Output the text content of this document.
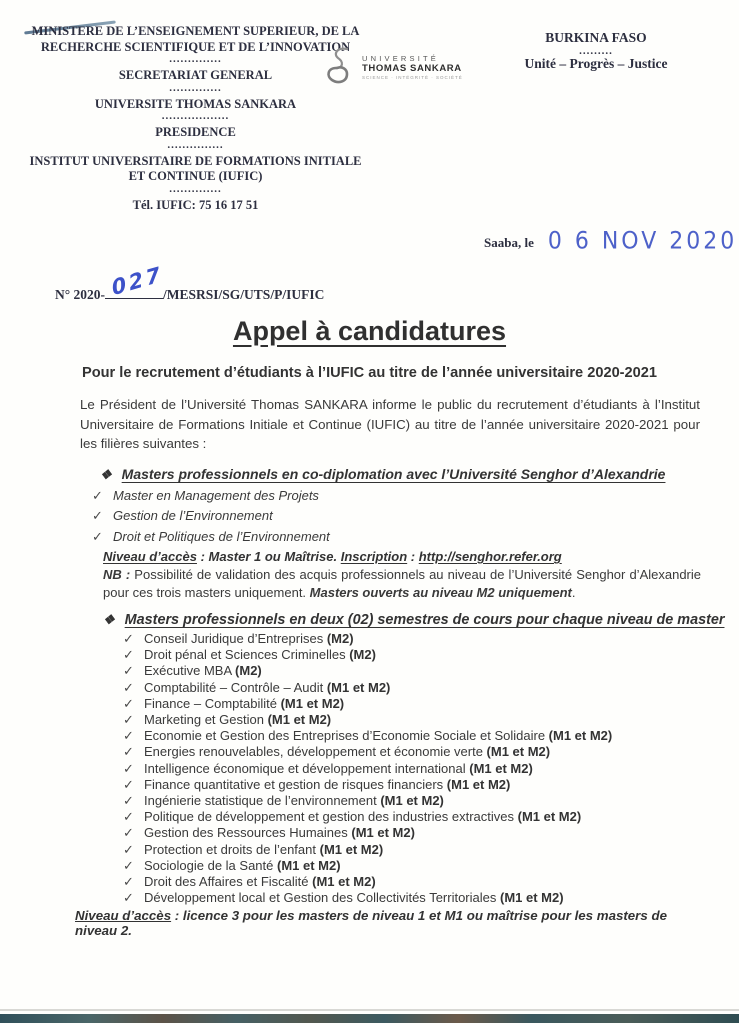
MINISTERE DE L’ENSEIGNEMENT SUPERIEUR, DE LA RECHERCHE SCIENTIFIQUE ET DE L’INNOVATION
..............
SECRETARIAT GENERAL
..............
UNIVERSITE THOMAS SANKARA
..................
PRESIDENCE
...............
INSTITUT UNIVERSITAIRE DE FORMATIONS INITIALE ET CONTINUE (IUFIC)
..............
Tél. IUFIC: 75 16 17 51
UNIVERSITÉ
THOMAS SANKARA
SCIENCE · INTÉGRITÉ · SOCIÉTÉ
BURKINA FASO
.........
Unité – Progrès – Justice
Saaba, le 0 6 NOV 2020
N° 2020- 027
/MESRSI/SG/UTS/P/IUFIC
Appel à candidatures
Pour le recrutement d’étudiants à l’IUFIC au titre de l’année universitaire 2020-2021

Le Président de l’Université Thomas SANKARA informe le public du recrutement d’étudiants à l’Institut Universitaire de Formations Initiale et Continue (IUFIC) au titre de l’année universitaire 2020-2021 pour les filières suivantes :

❖ Masters professionnels en co-diplomation avec l’Université Senghor d’Alexandrie
✓ Master en Management des Projets
✓ Gestion de l’Environnement
✓ Droit et Politiques de l’Environnement
Niveau d’accès : Master 1 ou Maîtrise. Inscription : http://senghor.refer.org
NB : Possibilité de validation des acquis professionnels au niveau de l’Université Senghor d’Alexandrie pour ces trois masters uniquement. Masters ouverts au niveau M2 uniquement.
❖ Masters professionnels en deux (02) semestres de cours pour chaque niveau de master
✓ Conseil Juridique d’Entreprises (M2)
✓ Droit pénal et Sciences Criminelles (M2)
✓ Exécutive MBA (M2)
✓ Comptabilité – Contrôle – Audit (M1 et M2)
✓ Finance – Comptabilité (M1 et M2)
✓ Marketing et Gestion (M1 et M2)
✓ Economie et Gestion des Entreprises d’Economie Sociale et Solidaire (M1 et M2)
✓ Energies renouvelables, développement et économie verte (M1 et M2)
✓ Intelligence économique et développement international (M1 et M2)
✓ Finance quantitative et gestion de risques financiers (M1 et M2)
✓ Ingénierie statistique de l’environnement (M1 et M2)
✓ Politique de développement et gestion des industries extractives (M1 et M2)
✓ Gestion des Ressources Humaines (M1 et M2)
✓ Protection et droits de l’enfant (M1 et M2)
✓ Sociologie de la Santé (M1 et M2)
✓ Droit des Affaires et Fiscalité (M1 et M2)
✓ Développement local et Gestion des Collectivités Territoriales (M1 et M2)
Niveau d’accès : licence 3 pour les masters de niveau 1 et M1 ou maîtrise pour les masters de niveau 2.
